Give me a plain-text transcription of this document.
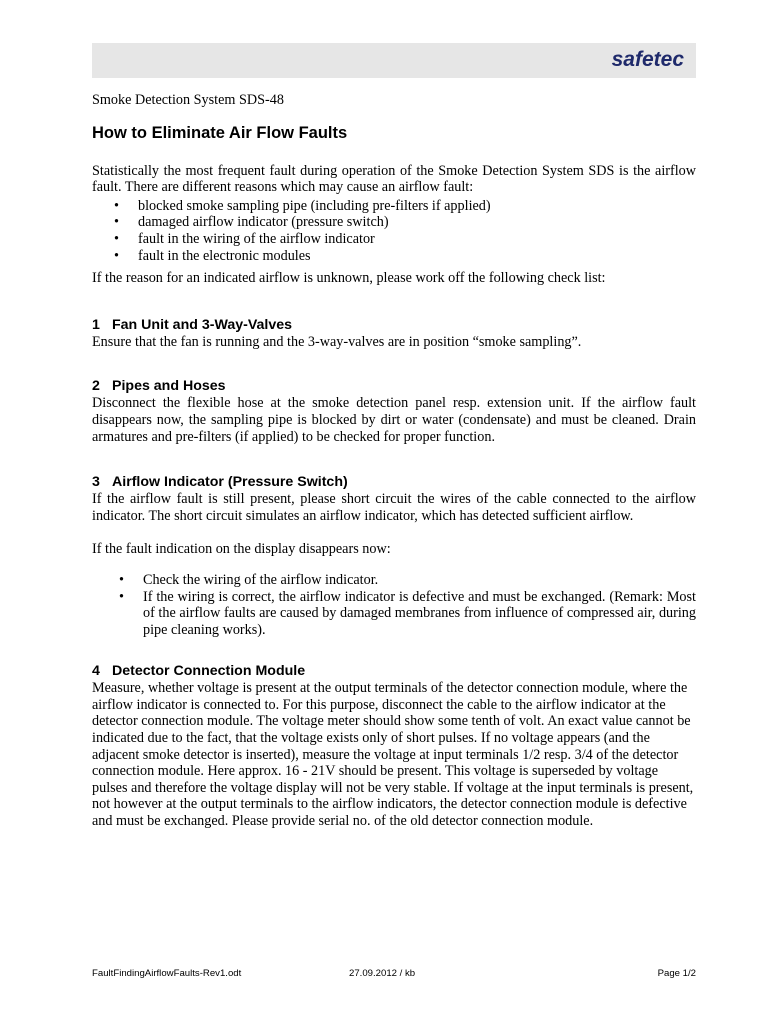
safetec

Smoke Detection System SDS-48

How to Eliminate Air Flow Faults

Statistically the most frequent fault during operation of the Smoke Detection System SDS is the airflow fault. There are different reasons which may cause an airflow fault:

• blocked smoke sampling pipe (including pre-filters if applied)
• damaged airflow indicator (pressure switch)
• fault in the wiring of the airflow indicator
• fault in the electronic modules

If the reason for an indicated airflow is unknown, please work off the following check list:

1 Fan Unit and 3-Way-Valves

Ensure that the fan is running and the 3-way-valves are in position “smoke sampling”.

2 Pipes and Hoses

Disconnect the flexible hose at the smoke detection panel resp. extension unit. If the airflow fault disappears now, the sampling pipe is blocked by dirt or water (condensate) and must be cleaned. Drain armatures and pre-filters (if applied) to be checked for proper function.

3 Airflow Indicator (Pressure Switch)

If the airflow fault is still present, please short circuit the wires of the cable connected to the airflow indicator. The short circuit simulates an airflow indicator, which has detected sufficient airflow.

If the fault indication on the display disappears now:

• Check the wiring of the airflow indicator.
• If the wiring is correct, the airflow indicator is defective and must be exchanged. (Remark: Most of the airflow faults are caused by damaged membranes from influence of compressed air, during pipe cleaning works).
4 Detector Connection Module

Measure, whether voltage is present at the output terminals of the detector connection module, where the airflow indicator is connected to. For this purpose, disconnect the cable to the airflow indicator at the detector connection module. The voltage meter should show some tenth of volt. An exact value cannot be indicated due to the fact, that the voltage exists only of short pulses. If no voltage appears (and the adjacent smoke detector is inserted), measure the voltage at input terminals 1/2 resp. 3/4 of the detector connection module. Here approx. 16 - 21V should be present. This voltage is superseded by voltage pulses and therefore the voltage display will not be very stable. If voltage at the input terminals is present, not however at the output terminals to the airflow indicators, the detector connection module is defective and must be exchanged. Please provide serial no. of the old detector connection module.

FaultFindingAirflowFaults-Rev1.odt	27.09.2012 / kb	Page 1/2
